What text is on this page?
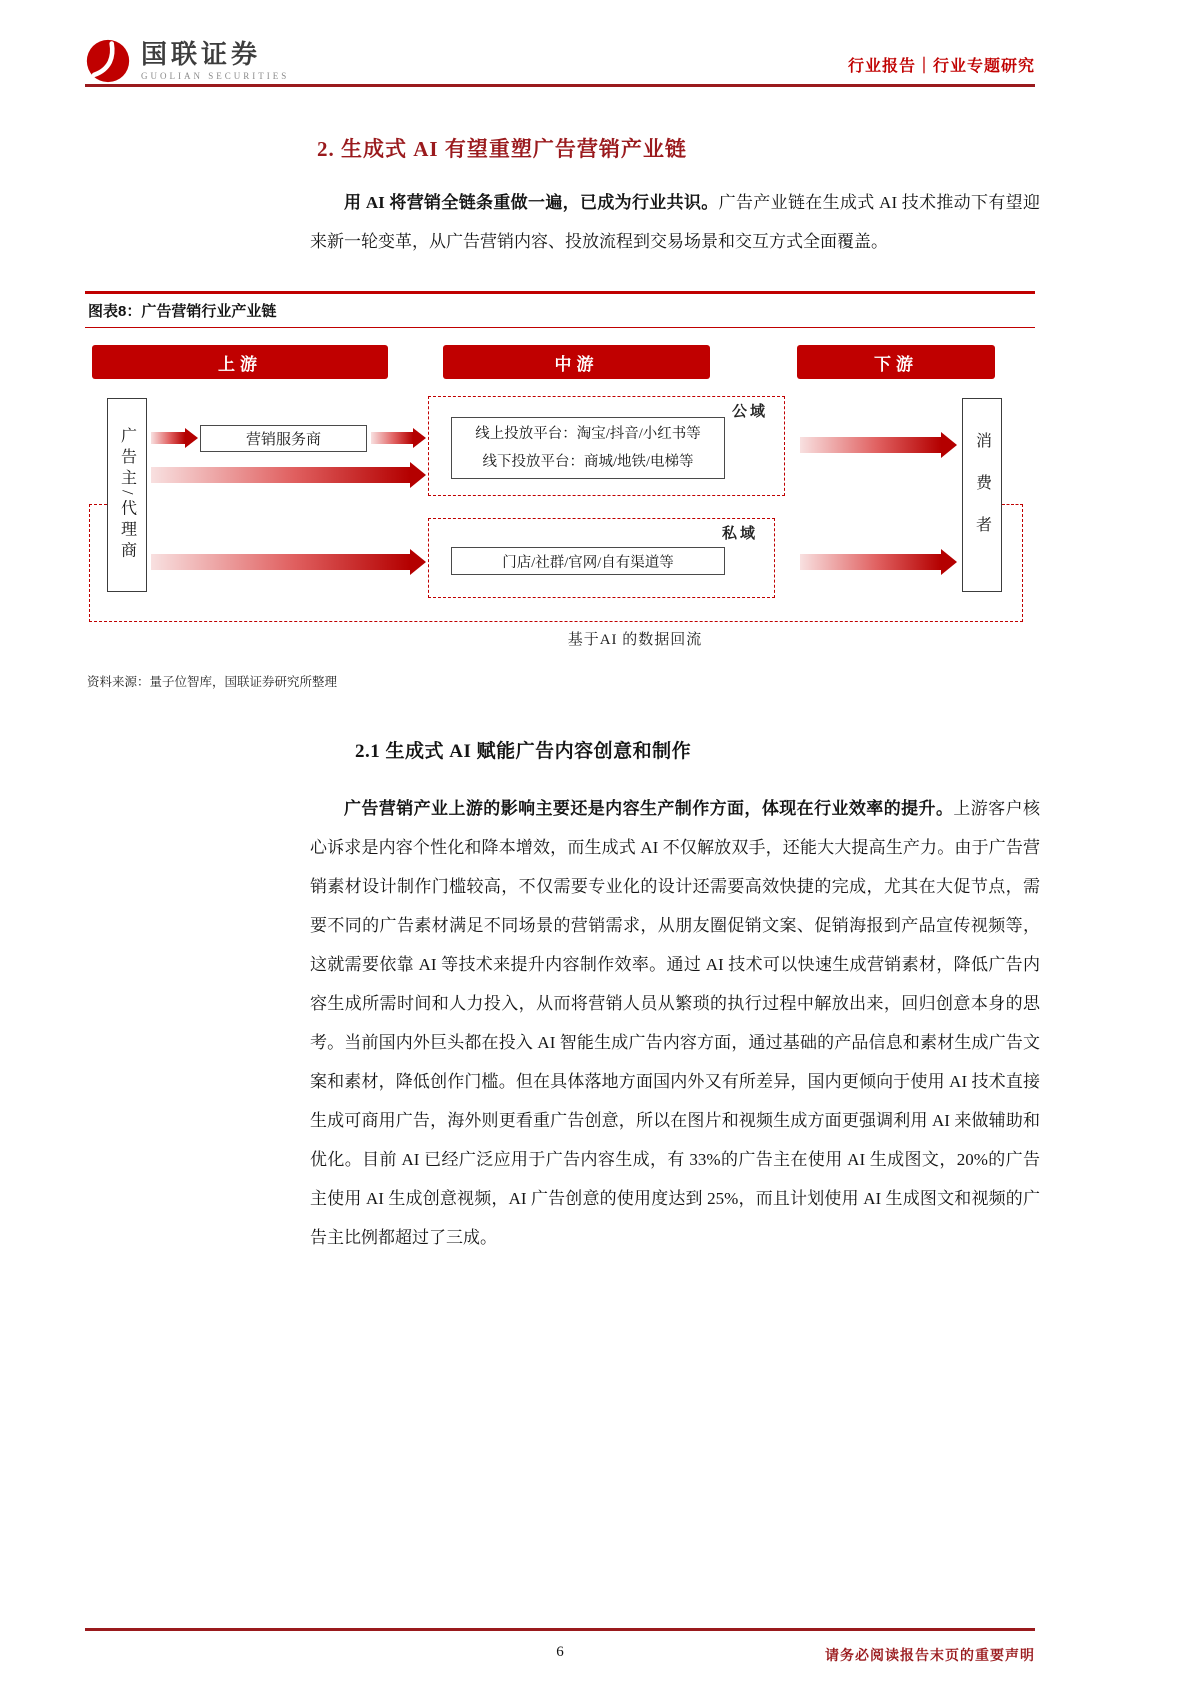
国联证券
GUOLIAN SECURITIES
行业报告｜行业专题研究
2. 生成式 AI 有望重塑广告营销产业链

用 AI 将营销全链条重做一遍，已成为行业共识。广告产业链在生成式 AI 技术推动下有望迎来新一轮变革，从广告营销内容、投放流程到交易场景和交互方式全面覆盖。

图表8：广告营销行业产业链
上游	中游	下游
广告主/代理商	营销服务商
公域
线上投放平台：淘宝/抖音/小红书等
线下投放平台：商城/地铁/电梯等
私域
门店/社群/官网/自有渠道等
消费者
基于AI 的数据回流
资料来源：量子位智库，国联证券研究所整理
2.1 生成式 AI 赋能广告内容创意和制作

广告营销产业上游的影响主要还是内容生产制作方面，体现在行业效率的提升。上游客户核心诉求是内容个性化和降本增效，而生成式 AI 不仅解放双手，还能大大提高生产力。由于广告营销素材设计制作门槛较高，不仅需要专业化的设计还需要高效快捷的完成，尤其在大促节点，需要不同的广告素材满足不同场景的营销需求，从朋友圈促销文案、促销海报到产品宣传视频等，这就需要依靠 AI 等技术来提升内容制作效率。通过 AI 技术可以快速生成营销素材，降低广告内容生成所需时间和人力投入，从而将营销人员从繁琐的执行过程中解放出来，回归创意本身的思考。当前国内外巨头都在投入 AI 智能生成广告内容方面，通过基础的产品信息和素材生成广告文案和素材，降低创作门槛。但在具体落地方面国内外又有所差异，国内更倾向于使用 AI 技术直接生成可商用广告，海外则更看重广告创意，所以在图片和视频生成方面更强调利用 AI 来做辅助和优化。目前 AI 已经广泛应用于广告内容生成，有 33%的广告主在使用 AI 生成图文，20%的广告主使用 AI 生成创意视频，AI 广告创意的使用度达到 25%，而且计划使用 AI 生成图文和视频的广告主比例都超过了三成。

6	请务必阅读报告末页的重要声明
